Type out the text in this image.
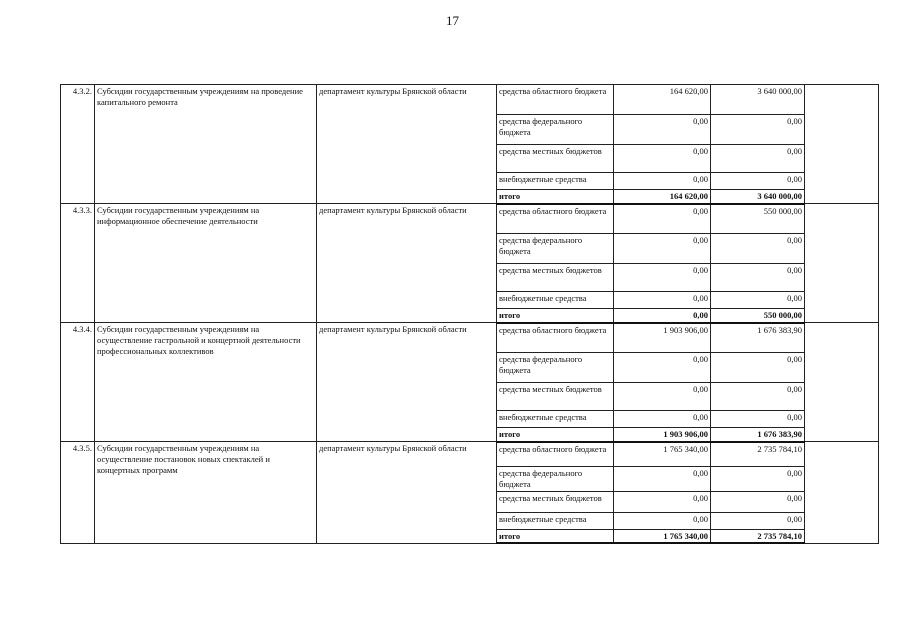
17
4.3.2.	Субсидии государственным учреждениям на проведение капитального ремонта	департамент культуры Брянской области	средства областного бюджета	164 620,00	3 640 000,00	
			средства федерального бюджета	0,00	0,00	
			средства местных бюджетов	0,00	0,00	
			внебюджетные средства	0,00	0,00	
			итого	164 620,00	3 640 000,00	
4.3.3.	Субсидии государственным учреждениям на информационное обеспечение деятельности	департамент культуры Брянской области	средства областного бюджета	0,00	550 000,00	
			средства федерального бюджета	0,00	0,00	
			средства местных бюджетов	0,00	0,00	
			внебюджетные средства	0,00	0,00	
			итого	0,00	550 000,00	
4.3.4.	Субсидии государственным учреждениям на осуществление гастрольной и концертной деятельности профессиональных коллективов	департамент культуры Брянской области	средства областного бюджета	1 903 906,00	1 676 383,90	
			средства федерального бюджета	0,00	0,00	
			средства местных бюджетов	0,00	0,00	
			внебюджетные средства	0,00	0,00	
			итого	1 903 906,00	1 676 383,90	
4.3.5.	Субсидии государственным учреждениям на осуществление постановок новых спектаклей и концертных программ	департамент культуры Брянской области	средства областного бюджета	1 765 340,00	2 735 784,10	
			средства федерального бюджета	0,00	0,00	
			средства местных бюджетов	0,00	0,00	
			внебюджетные средства	0,00	0,00	
			итого	1 765 340,00	2 735 784,10	
